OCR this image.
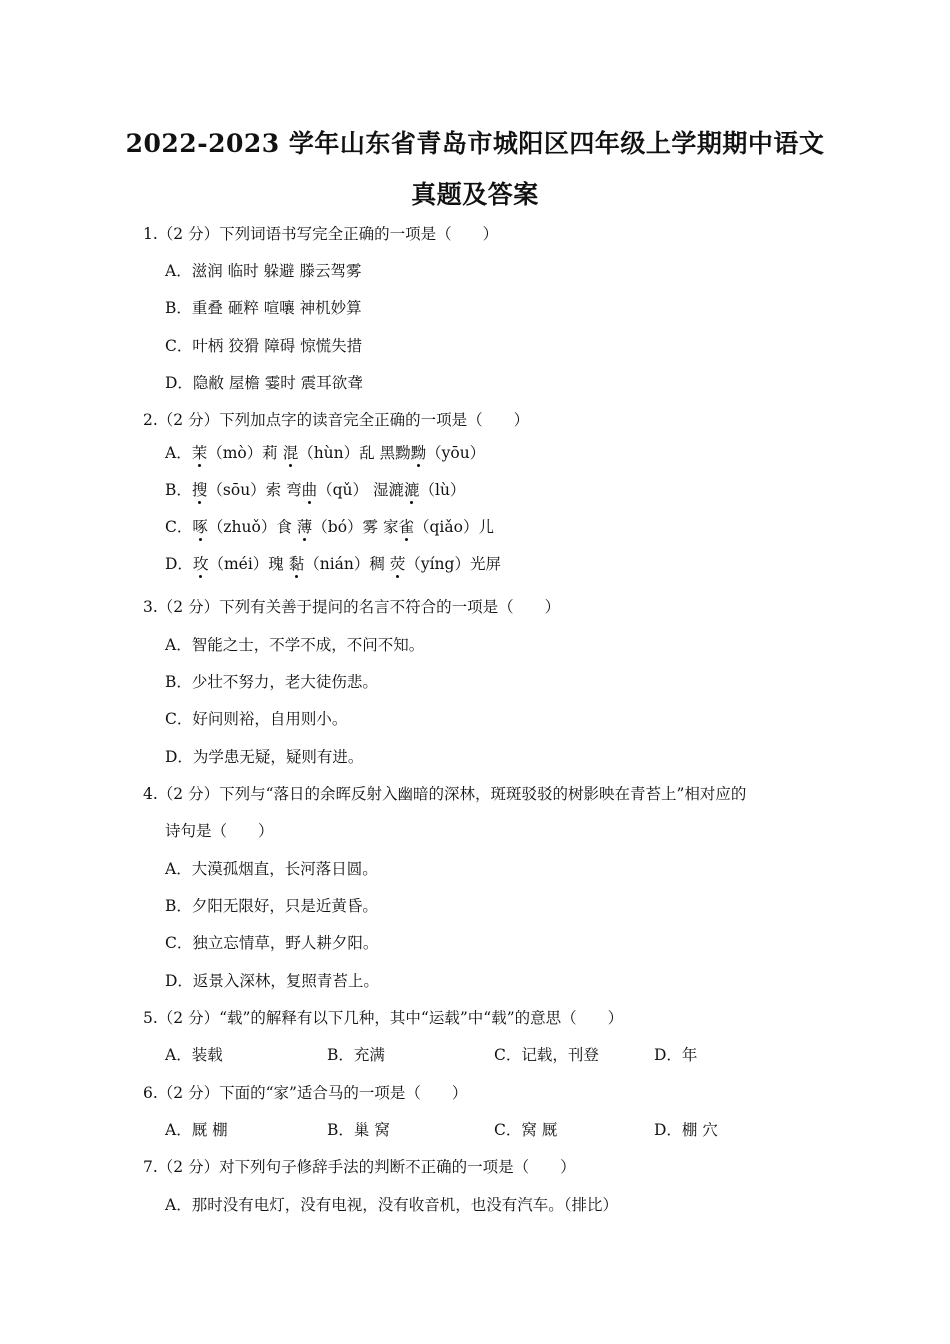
2022-2023 学年山东省青岛市城阳区四年级上学期期中语文
真题及答案
1.（2 分）下列词语书写完全正确的一项是（　　）
A．滋润 临时 躲避 滕云驾雾
B．重叠 砸粹 喧嚷 神机妙算
C．叶柄 狡猾 障碍 惊慌失措
D．隐敝 屋檐 霎时 震耳欲聋
2.（2 分）下列加点字的读音完全正确的一项是（　　）
A．茉（mò）莉 混（hùn）乱 黑黝黝（yōu）
B．搜（sōu）索 弯曲（qǔ） 湿漉漉（lù）
C．啄（zhuǒ）食 薄（bó）雾 家雀（qiǎo）儿
D．玫（méi）瑰 黏（nián）稠 荧（yíng）光屏
3.（2 分）下列有关善于提问的名言不符合的一项是（　　）
A．智能之士，不学不成，不问不知。
B．少壮不努力，老大徒伤悲。
C．好问则裕，自用则小。
D．为学患无疑，疑则有进。
4.（2 分）下列与“落日的余晖反射入幽暗的深林，斑斑驳驳的树影映在青苔上”相对应的
诗句是（　　）
A．大漠孤烟直，长河落日圆。
B．夕阳无限好，只是近黄昏。
C．独立忘情草，野人耕夕阳。
D．返景入深林，复照青苔上。
5.（2 分）“载”的解释有以下几种，其中“运载”中“载”的意思（　　）
A．装载	B．充满	C．记载，刊登	D．年
6.（2 分）下面的“家”适合马的一项是（　　）
A．厩 棚	B．巢 窝	C．窝 厩	D．棚 穴
7.（2 分）对下列句子修辞手法的判断不正确的一项是（　　）
A．那时没有电灯，没有电视，没有收音机，也没有汽车。（排比）
